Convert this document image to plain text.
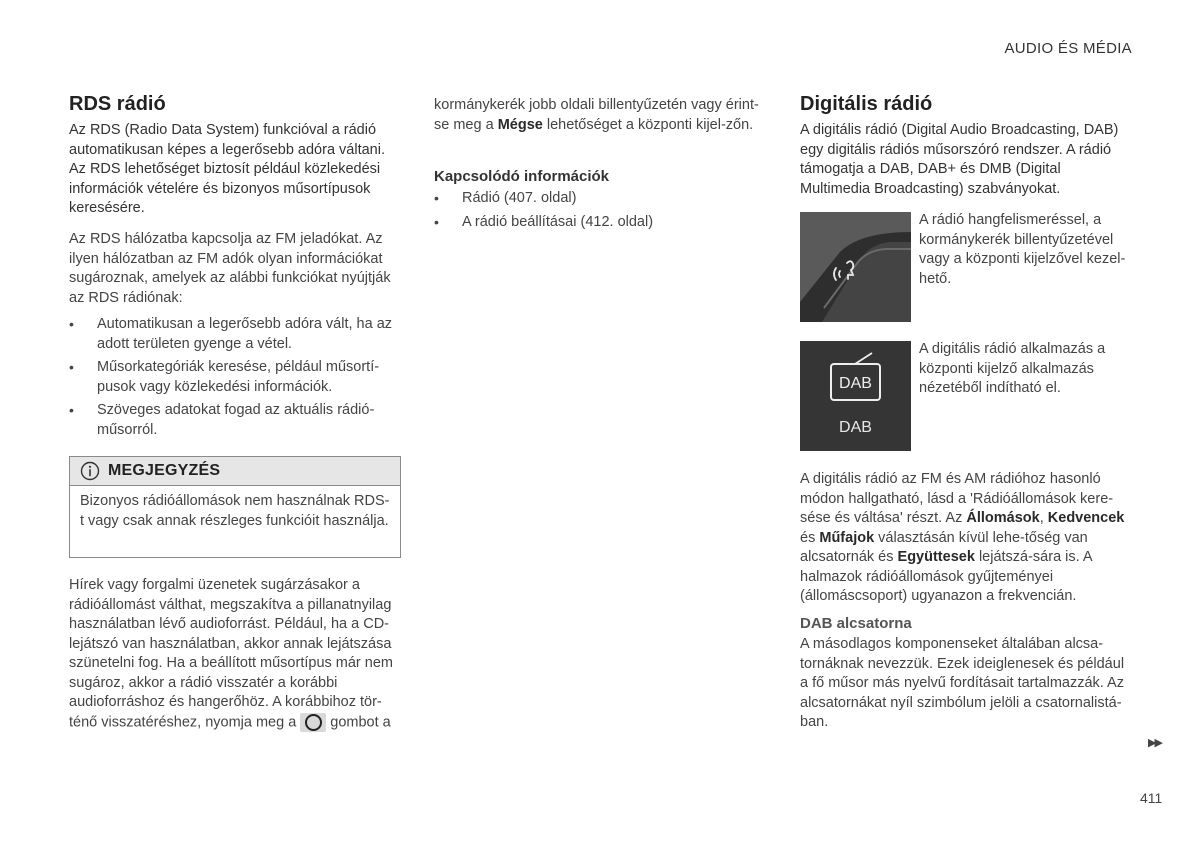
AUDIO ÉS MÉDIA
RDS rádió

Az RDS (Radio Data System) funkcióval a rádió automatikusan képes a legerősebb adóra váltani. Az RDS lehetőséget biztosít például közlekedési információk vételére és bizonyos műsortípusok keresésére.

Az RDS hálózatba kapcsolja az FM jeladókat. Az ilyen hálózatban az FM adók olyan információkat sugároznak, amelyek az alábbi funkciókat nyújtják az RDS rádiónak:

• Automatikusan a legerősebb adóra vált, ha az adott területen gyenge a vétel.
• Műsorkategóriák keresése, például műsortí-pusok vagy közlekedési információk.
• Szöveges adatokat fogad az aktuális rádió-műsorról.
MEGJEGYZÉS
Bizonyos rádióállomások nem használnak RDS-t vagy csak annak részleges funkcióit használja.

Hírek vagy forgalmi üzenetek sugárzásakor a rádióállomást válthat, megszakítva a pillanatnyilag használatban lévő audioforrást. Például, ha a CD-lejátszó van használatban, akkor annak lejátszása szünetelni fog. Ha a beállított műsortípus már nem sugároz, akkor a rádió visszatér a korábbi audioforráshoz és hangerőhöz. A korábbihoz tör-

ténő visszatéréshez, nyomja meg a gombot a

kormánykerék jobb oldali billentyűzetén vagy érint-se meg a Mégse lehetőséget a központi kijel-zőn.

Kapcsolódó információk
• Rádió (407. oldal)
• A rádió beállításai (412. oldal)
Digitális rádió

A digitális rádió (Digital Audio Broadcasting, DAB) egy digitális rádiós műsorszóró rendszer. A rádió támogatja a DAB, DAB+ és DMB (Digital Multimedia Broadcasting) szabványokat.

A rádió hangfelismeréssel, a kormánykerék billentyűzetével vagy a központi kijelzővel kezel-hető.

DAB
DAB

A digitális rádió alkalmazás a központi kijelző alkalmazás nézetéből indítható el.

A digitális rádió az FM és AM rádióhoz hasonló módon hallgatható, lásd a 'Rádióállomások kere-sése és váltása' részt. Az Állomások, Kedvencek és Műfajok választásán kívül lehe-tőség van alcsatornák és Együttesek lejátszá-sára is. A halmazok rádióállomások gyűjteményei (állomáscsoport) ugyanazon a frekvencián.

DAB alcsatorna

A másodlagos komponenseket általában alcsa-tornáknak nevezzük. Ezek ideiglenesek és például a fő műsor más nyelvű fordításait tartalmazzák. Az alcsatornákat nyíl szimbólum jelöli a csatornalistá-ban.

▶▶
411
